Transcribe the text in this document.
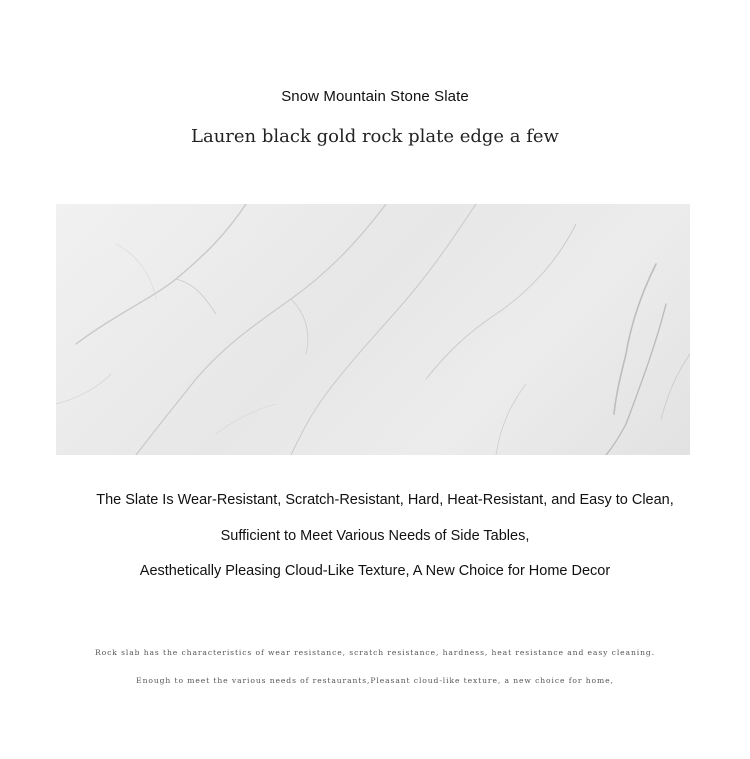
Snow Mountain Stone Slate
Lauren black gold rock plate edge a few
The Slate Is Wear-Resistant, Scratch-Resistant, Hard, Heat-Resistant, and Easy to Clean,
Sufficient to Meet Various Needs of Side Tables,
Aesthetically Pleasing Cloud-Like Texture, A New Choice for Home Decor
Rock slab has the characteristics of wear resistance, scratch resistance, hardness, heat resistance and easy cleaning.
Enough to meet the various needs of restaurants,Pleasant cloud-like texture, a new choice for home,
